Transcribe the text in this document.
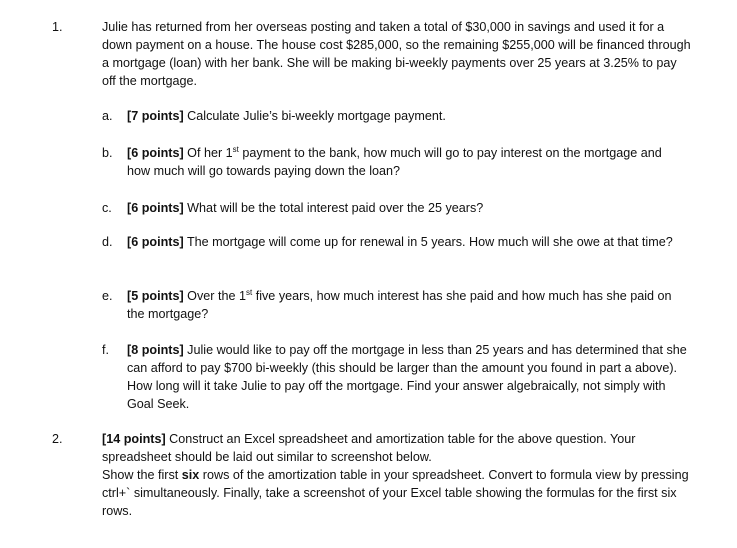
1.	Julie has returned from her overseas posting and taken a total of $30,000 in savings and used it for a down payment on a house. The house cost $285,000, so the remaining $255,000 will be financed through a mortgage (loan) with her bank. She will be making bi-weekly payments over 25 years at 3.25% to pay off the mortgage.
a.	[7 points] Calculate Julie’s bi-weekly mortgage payment.
b.	[6 points] Of her 1st payment to the bank, how much will go to pay interest on the mortgage and how much will go towards paying down the loan?
c.	[6 points] What will be the total interest paid over the 25 years?
d.	[6 points] The mortgage will come up for renewal in 5 years. How much will she owe at that time?
e.	[5 points] Over the 1st five years, how much interest has she paid and how much has she paid on the mortgage?
f.	[8 points] Julie would like to pay off the mortgage in less than 25 years and has determined that she can afford to pay $700 bi-weekly (this should be larger than the amount you found in part a above). How long will it take Julie to pay off the mortgage. Find your answer algebraically, not simply with Goal Seek.
2.	[14 points] Construct an Excel spreadsheet and amortization table for the above question. Your spreadsheet should be laid out similar to screenshot below.

Show the first six rows of the amortization table in your spreadsheet. Convert to formula view by pressing ctrl+` simultaneously. Finally, take a screenshot of your Excel table showing the formulas for the first six rows.
